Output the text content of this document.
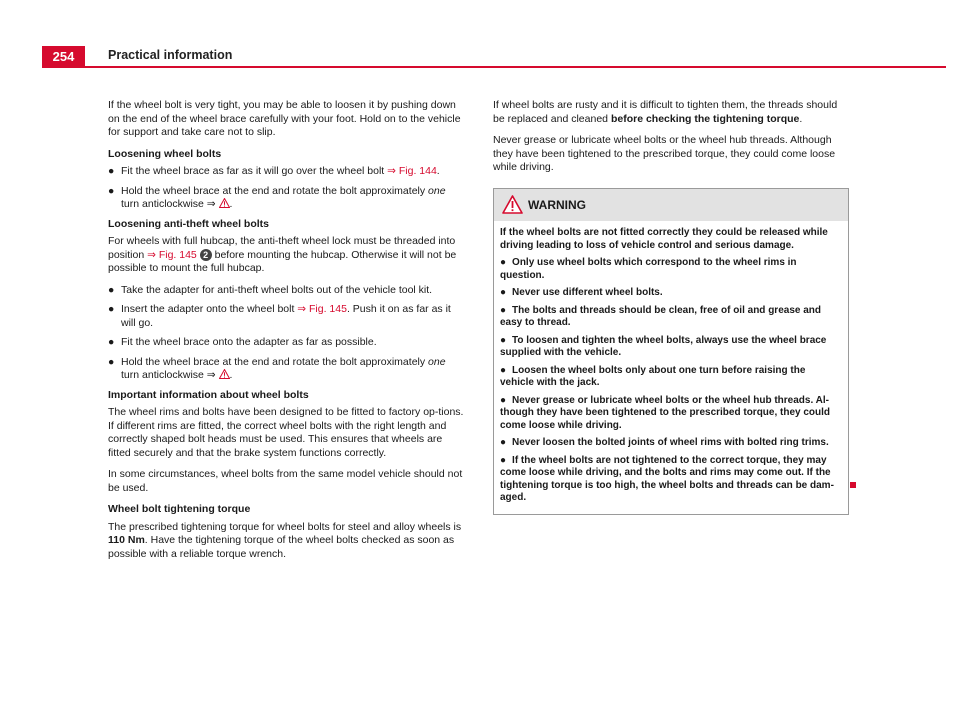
254	Practical information

If the wheel bolt is very tight, you may be able to loosen it by pushing down on the end of the wheel brace carefully with your foot. Hold on to the vehicle for support and take care not to slip.

Loosening wheel bolts
● Fit the wheel brace as far as it will go over the wheel bolt ⇒ Fig. 144.
● Hold the wheel brace at the end and rotate the bolt approximately one turn anticlockwise ⇒ .
Loosening anti-theft wheel bolts

For wheels with full hubcap, the anti-theft wheel lock must be threaded into position ⇒ Fig. 145 2 before mounting the hubcap. Otherwise it will not be possible to mount the full hubcap.

● Take the adapter for anti-theft wheel bolts out of the vehicle tool kit.
● Insert the adapter onto the wheel bolt ⇒ Fig. 145. Push it on as far as it will go.
● Fit the wheel brace onto the adapter as far as possible.
● Hold the wheel brace at the end and rotate the bolt approximately one turn anticlockwise ⇒ .
Important information about wheel bolts

The wheel rims and bolts have been designed to be fitted to factory op-tions. If different rims are fitted, the correct wheel bolts with the right length and correctly shaped bolt heads must be used. This ensures that wheels are fitted securely and that the brake system functions correctly.

In some circumstances, wheel bolts from the same model vehicle should not be used.

Wheel bolt tightening torque

The prescribed tightening torque for wheel bolts for steel and alloy wheels is 110 Nm. Have the tightening torque of the wheel bolts checked as soon as possible with a reliable torque wrench.

If wheel bolts are rusty and it is difficult to tighten them, the threads should be replaced and cleaned before checking the tightening torque.

Never grease or lubricate wheel bolts or the wheel hub threads. Although they have been tightened to the prescribed torque, they could come loose while driving.

WARNING

If the wheel bolts are not fitted correctly they could be released while driving leading to loss of vehicle control and serious damage.

● Only use wheel bolts which correspond to the wheel rims in question.
● Never use different wheel bolts.
● The bolts and threads should be clean, free of oil and grease and easy to thread.
● To loosen and tighten the wheel bolts, always use the wheel brace supplied with the vehicle.
● Loosen the wheel bolts only about one turn before raising the vehicle with the jack.
● Never grease or lubricate wheel bolts or the wheel hub threads. Al-though they have been tightened to the prescribed torque, they could come loose while driving.
● Never loosen the bolted joints of wheel rims with bolted ring trims.
● If the wheel bolts are not tightened to the correct torque, they may come loose while driving, and the bolts and rims may come out. If the tightening torque is too high, the wheel bolts and threads can be dam-aged.
